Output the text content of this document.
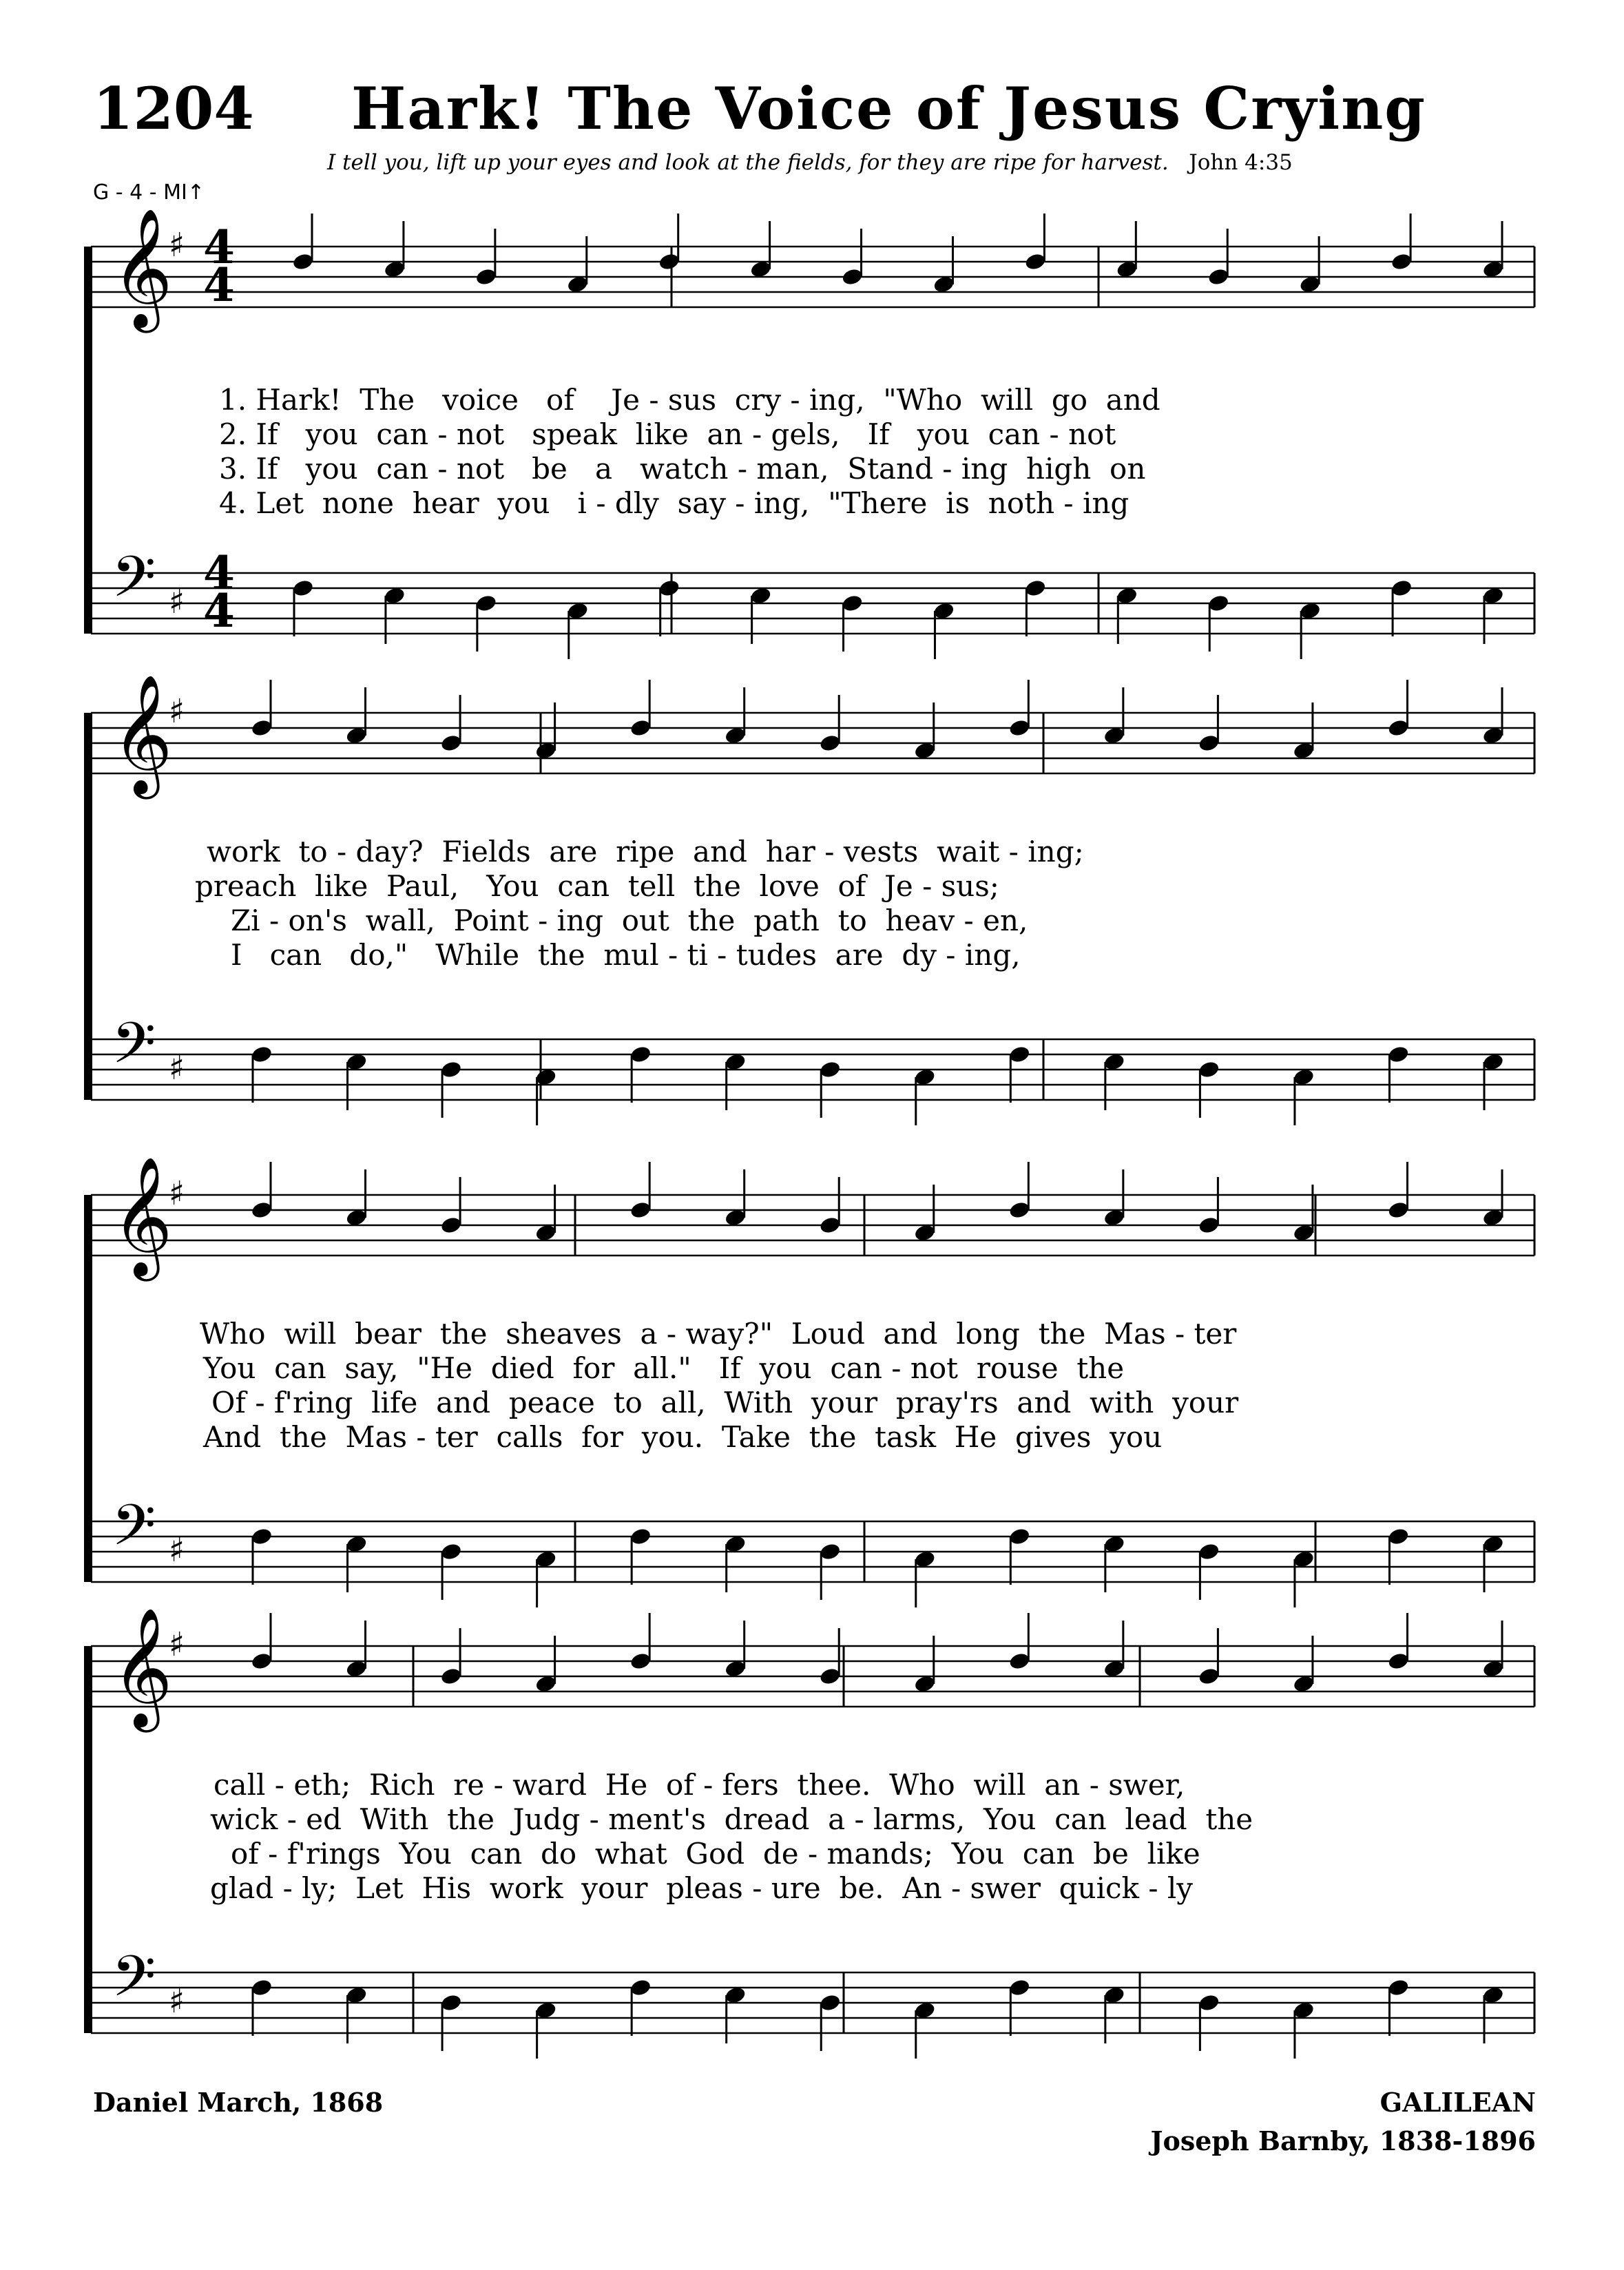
1204 Hark! The Voice of Jesus Crying
I tell you, lift up your eyes and look at the fields, for they are ripe for harvest. John 4:35
G - 4 - MI↑
𝄞
♯
𝄢 ♯
𝄞
♯
𝄢 ♯
𝄞
♯
𝄢 ♯
𝄞
♯
𝄢 ♯
4
4
4
4
1. Hark!  The   voice   of    Je - sus  cry - ing,  "Who  will  go  and
2. If   you  can - not   speak  like  an - gels,   If   you  can - not
3. If   you  can - not   be   a   watch - man,  Stand - ing  high  on
4. Let  none  hear  you   i - dly  say - ing,  "There  is  noth - ing
work  to - day?  Fields  are  ripe  and  har - vests  wait - ing;
preach  like  Paul,   You  can  tell  the  love  of  Je - sus;
Zi - on's  wall,  Point - ing  out  the  path  to  heav - en,
I   can   do,"   While  the  mul - ti - tudes  are  dy - ing,
Who  will  bear  the  sheaves  a - way?"  Loud  and  long  the  Mas - ter
You  can  say,  "He  died  for  all."   If  you  can - not  rouse  the
Of - f'ring  life  and  peace  to  all,  With  your  pray'rs  and  with  your
And  the  Mas - ter  calls  for  you.  Take  the  task  He  gives  you
call - eth;  Rich  re - ward  He  of - fers  thee.  Who  will  an - swer,
wick - ed  With  the  Judg - ment's  dread  a - larms,  You  can  lead  the
of - f'rings  You  can  do  what  God  de - mands;  You  can  be  like
glad - ly;  Let  His  work  your  pleas - ure  be.  An - swer  quick - ly
Daniel March, 1868	GALILEAN
Joseph Barnby, 1838-1896
